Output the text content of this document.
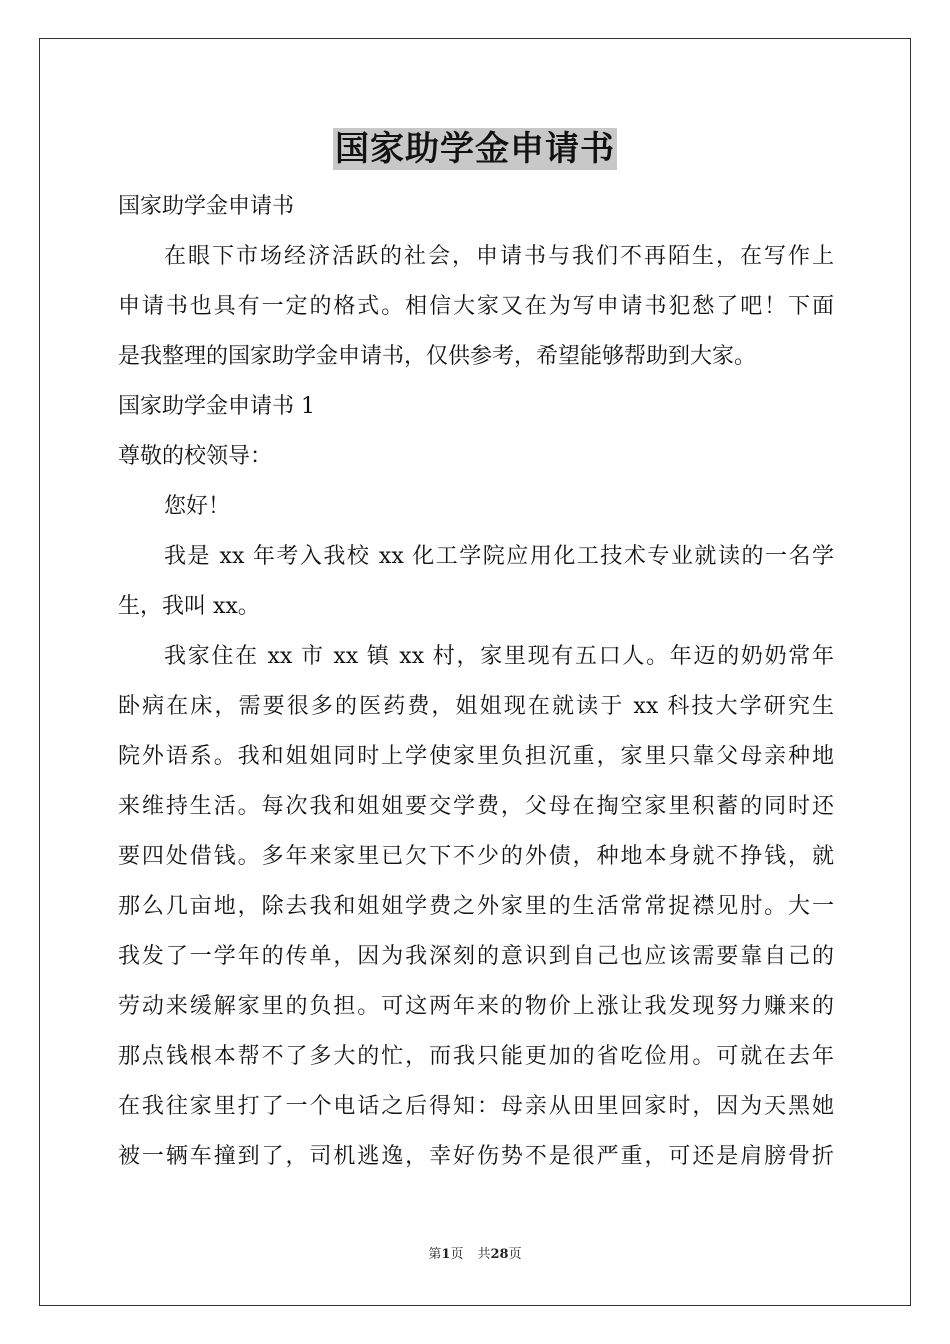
国家助学金申请书
国家助学金申请书
在眼下市场经济活跃的社会，申请书与我们不再陌生，在写作上
申请书也具有一定的格式。相信大家又在为写申请书犯愁了吧！下面
是我整理的国家助学金申请书，仅供参考，希望能够帮助到大家。
国家助学金申请书 1
尊敬的校领导：
您好！
我是 xx 年考入我校 xx 化工学院应用化工技术专业就读的一名学
生，我叫 xx。
我家住在 xx 市 xx 镇 xx 村，家里现有五口人。年迈的奶奶常年
卧病在床，需要很多的医药费，姐姐现在就读于 xx 科技大学研究生
院外语系。我和姐姐同时上学使家里负担沉重，家里只靠父母亲种地
来维持生活。每次我和姐姐要交学费，父母在掏空家里积蓄的同时还
要四处借钱。多年来家里已欠下不少的外债，种地本身就不挣钱，就
那么几亩地，除去我和姐姐学费之外家里的生活常常捉襟见肘。大一
我发了一学年的传单，因为我深刻的意识到自己也应该需要靠自己的
劳动来缓解家里的负担。可这两年来的物价上涨让我发现努力赚来的
那点钱根本帮不了多大的忙，而我只能更加的省吃俭用。可就在去年
在我往家里打了一个电话之后得知：母亲从田里回家时，因为天黑她
被一辆车撞到了，司机逃逸，幸好伤势不是很严重，可还是肩膀骨折
第1页 共28页
